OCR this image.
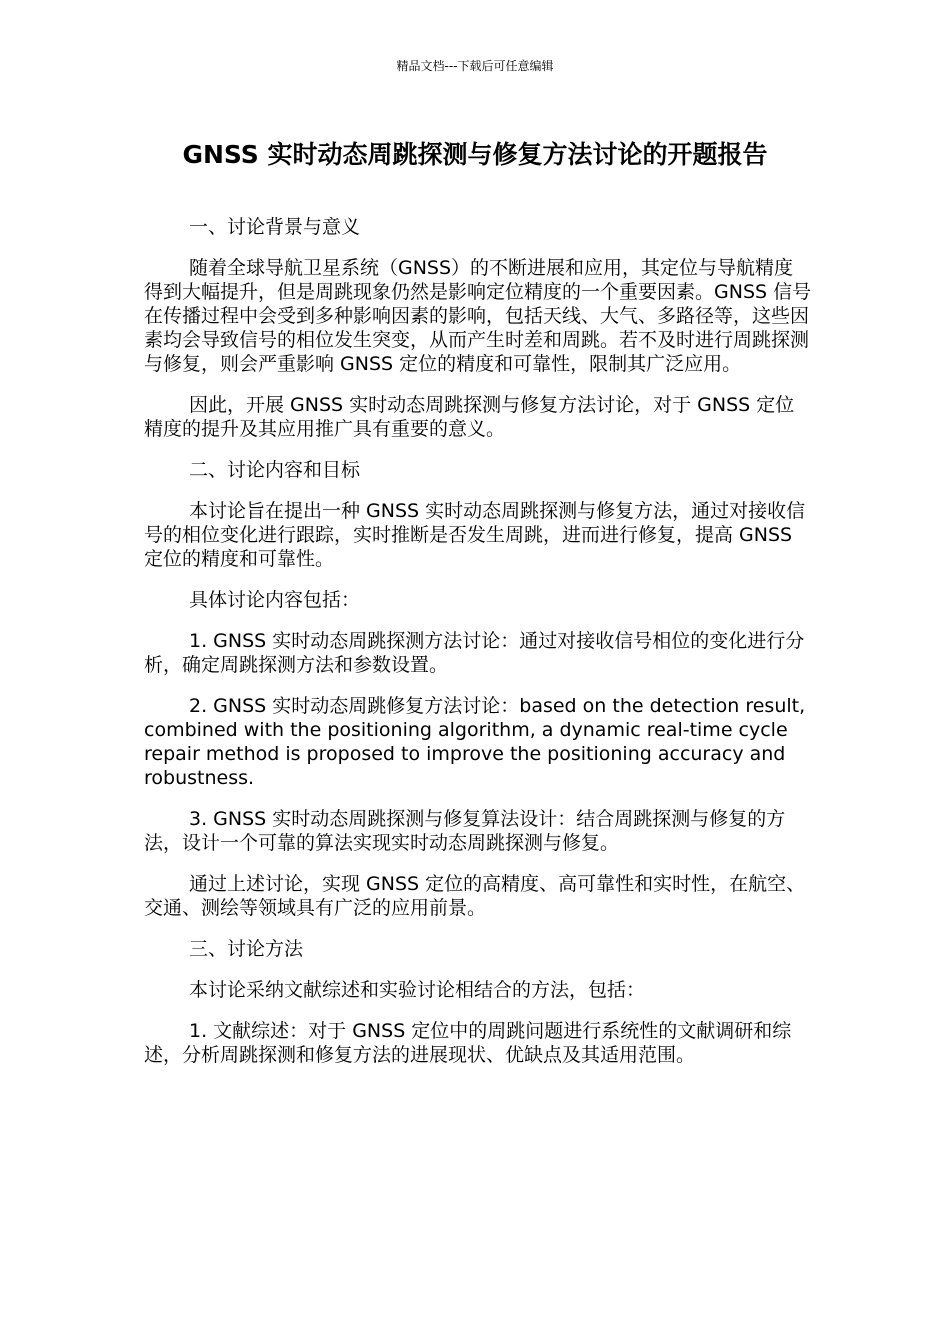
精品文档---下载后可任意编辑
GNSS 实时动态周跳探测与修复方法讨论的开题报告

一、讨论背景与意义

随着全球导航卫星系统（GNSS）的不断进展和应用，其定位与导航精度得到大幅提升，但是周跳现象仍然是影响定位精度的一个重要因素。GNSS 信号在传播过程中会受到多种影响因素的影响，包括天线、大气、多路径等，这些因素均会导致信号的相位发生突变，从而产生时差和周跳。若不及时进行周跳探测与修复，则会严重影响 GNSS 定位的精度和可靠性，限制其广泛应用。

因此，开展 GNSS 实时动态周跳探测与修复方法讨论，对于 GNSS 定位精度的提升及其应用推广具有重要的意义。

二、讨论内容和目标

本讨论旨在提出一种 GNSS 实时动态周跳探测与修复方法，通过对接收信号的相位变化进行跟踪，实时推断是否发生周跳，进而进行修复，提高 GNSS 定位的精度和可靠性。

具体讨论内容包括：

1. GNSS 实时动态周跳探测方法讨论：通过对接收信号相位的变化进行分析，确定周跳探测方法和参数设置。

2. GNSS 实时动态周跳修复方法讨论：based on the detection result, combined with the positioning algorithm, a dynamic real-time cycle repair method is proposed to improve the positioning accuracy and robustness.

3. GNSS 实时动态周跳探测与修复算法设计：结合周跳探测与修复的方法，设计一个可靠的算法实现实时动态周跳探测与修复。

通过上述讨论，实现 GNSS 定位的高精度、高可靠性和实时性，在航空、交通、测绘等领域具有广泛的应用前景。

三、讨论方法

本讨论采纳文献综述和实验讨论相结合的方法，包括：

1. 文献综述：对于 GNSS 定位中的周跳问题进行系统性的文献调研和综述，分析周跳探测和修复方法的进展现状、优缺点及其适用范围。
